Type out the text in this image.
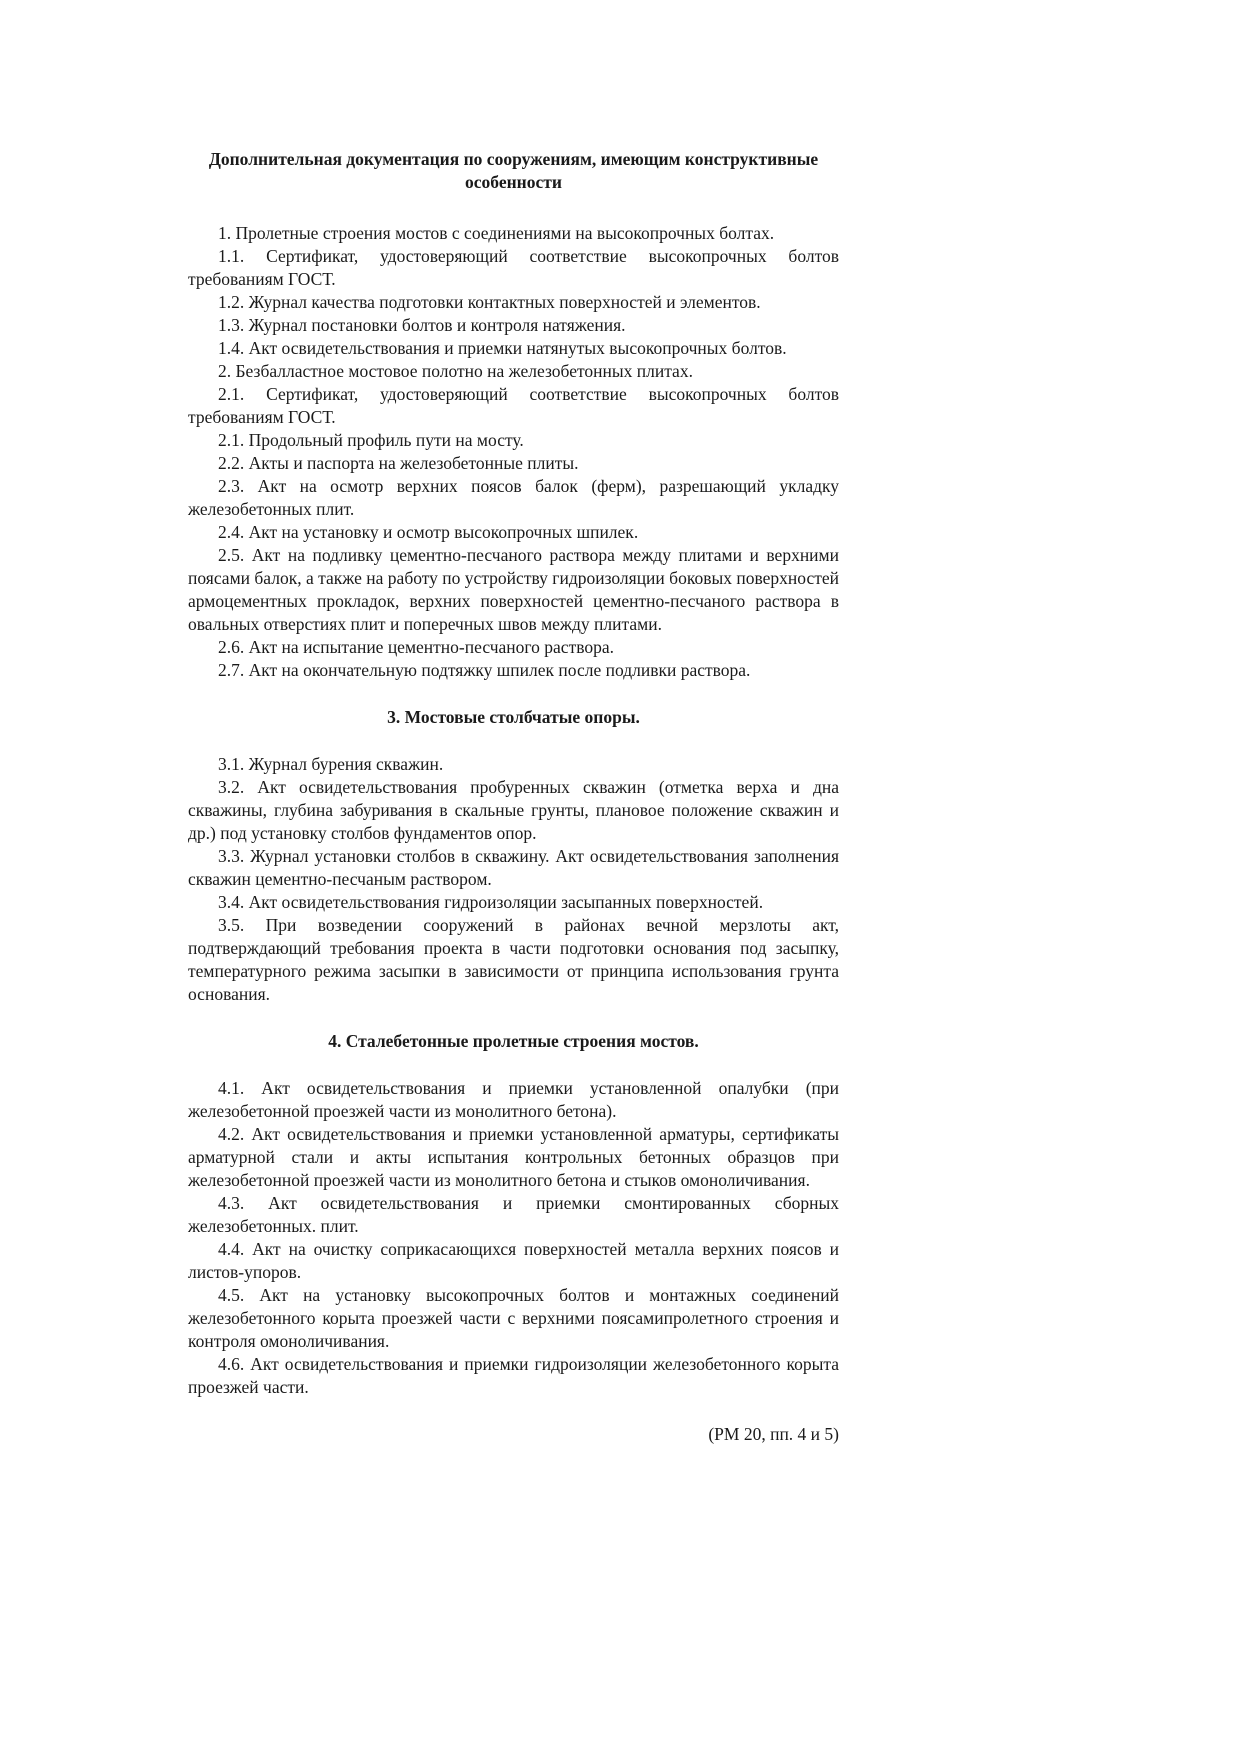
Дополнительная документация по сооружениям, имеющим конструктивные особенности

1. Пролетные строения мостов с соединениями на высокопрочных болтах.

1.1. Сертификат, удостоверяющий соответствие высокопрочных болтов требованиям ГОСТ.

1.2. Журнал качества подготовки контактных поверхностей и элементов.

1.3. Журнал постановки болтов и контроля натяжения.

1.4. Акт освидетельствования и приемки натянутых высокопрочных болтов.

2. Безбалластное мостовое полотно на железобетонных плитах.

2.1. Сертификат, удостоверяющий соответствие высокопрочных болтов требованиям ГОСТ.

2.1. Продольный профиль пути на мосту.

2.2. Акты и паспорта на железобетонные плиты.

2.3. Акт на осмотр верхних поясов балок (ферм), разрешающий укладку железобетонных плит.

2.4. Акт на установку и осмотр высокопрочных шпилек.

2.5. Акт на подливку цементно-песчаного раствора между плитами и верхними поясами балок, а также на работу по устройству гидроизоляции боковых поверхностей армоцементных прокладок, верхних поверхностей цементно-песчаного раствора в овальных отверстиях плит и поперечных швов между плитами.

2.6. Акт на испытание цементно-песчаного раствора.

2.7. Акт на окончательную подтяжку шпилек после подливки раствора.

3. Мостовые столбчатые опоры.

3.1. Журнал бурения скважин.

3.2. Акт освидетельствования пробуренных скважин (отметка верха и дна скважины, глубина забуривания в скальные грунты, плановое положение скважин и др.) под установку столбов фундаментов опор.

3.3. Журнал установки столбов в скважину. Акт освидетельствования заполнения скважин цементно-песчаным раствором.

3.4. Акт освидетельствования гидроизоляции засыпанных поверхностей.

3.5. При возведении сооружений в районах вечной мерзлоты акт, подтверждающий требования проекта в части подготовки основания под засыпку, температурного режима засыпки в зависимости от принципа использования грунта основания.

4. Сталебетонные пролетные строения мостов.

4.1. Акт освидетельствования и приемки установленной опалубки (при железобетонной проезжей части из монолитного бетона).

4.2. Акт освидетельствования и приемки установленной арматуры, сертификаты арматурной стали и акты испытания контрольных бетонных образцов при железобетонной проезжей части из монолитного бетона и стыков омоноличивания.

4.3. Акт освидетельствования и приемки смонтированных сборных железобетонных. плит.

4.4. Акт на очистку соприкасающихся поверхностей металла верхних поясов и листов-упоров.

4.5. Акт на установку высокопрочных болтов и монтажных соединений железобетонного корыта проезжей части с верхними поясамипролетного строения и контроля омоноличивания.

4.6. Акт освидетельствования и приемки гидроизоляции железобетонного корыта проезжей части.

(РМ 20, пп. 4 и 5)
